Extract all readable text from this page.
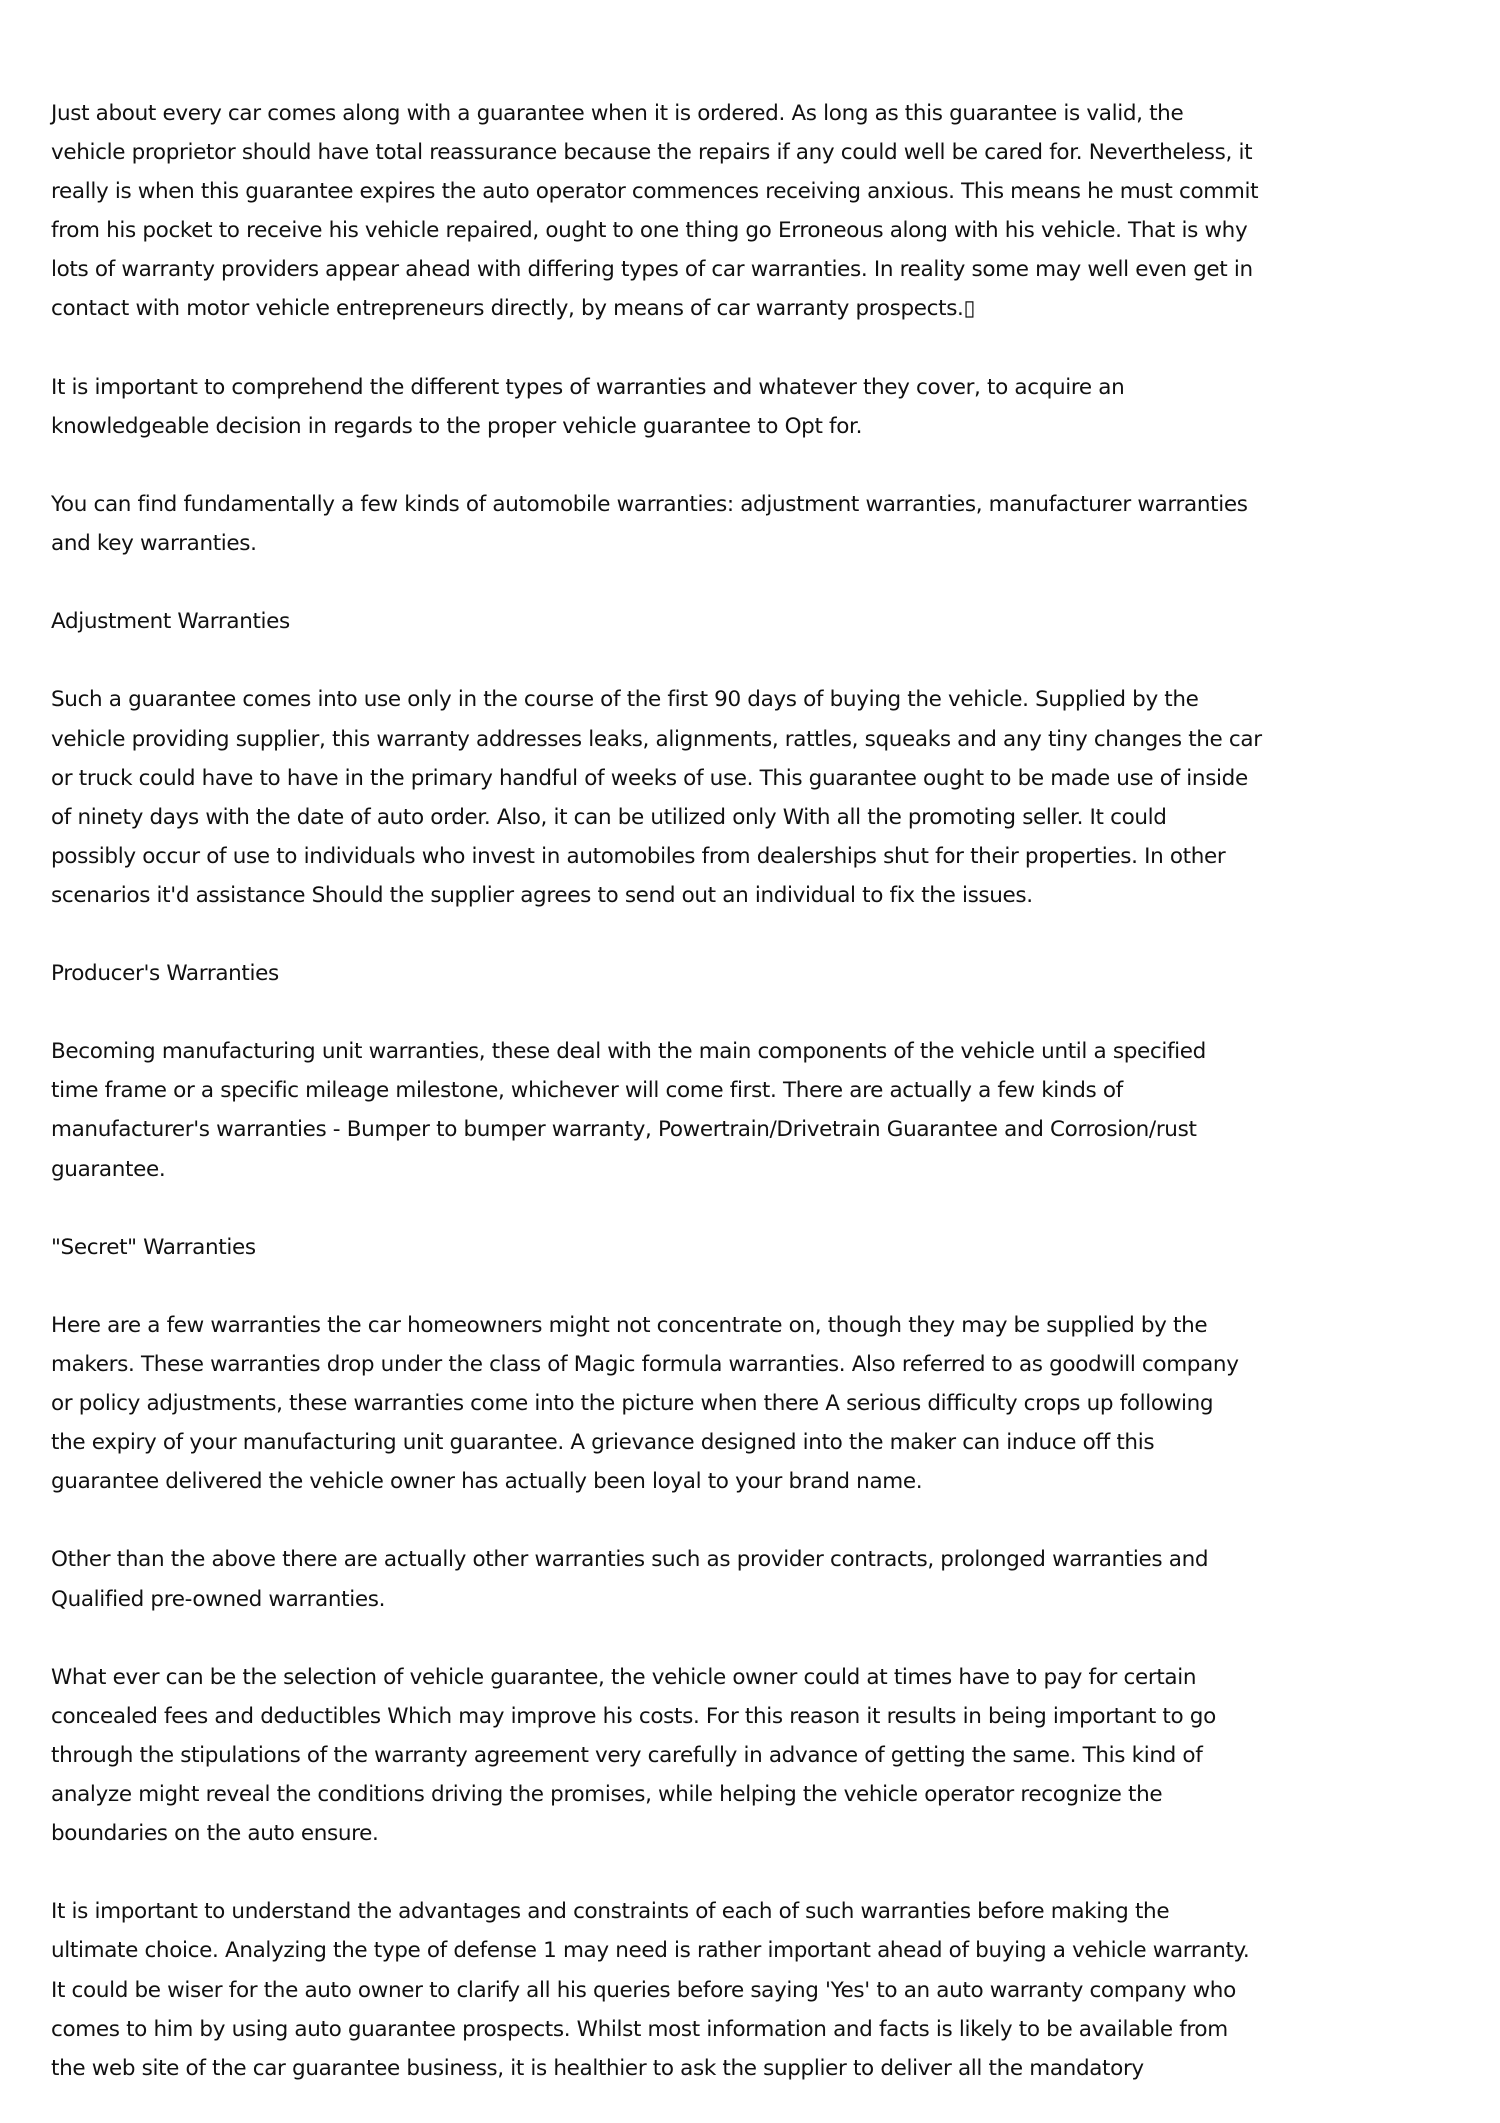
Just about every car comes along with a guarantee when it is ordered. As long as this guarantee is valid, the
vehicle proprietor should have total reassurance because the repairs if any could well be cared for. Nevertheless, it
really is when this guarantee expires the auto operator commences receiving anxious. This means he must commit
from his pocket to receive his vehicle repaired, ought to one thing go Erroneous along with his vehicle. That is why
lots of warranty providers appear ahead with differing types of car warranties. In reality some may well even get in
contact with motor vehicle entrepreneurs directly, by means of car warranty prospects.▯
It is important to comprehend the different types of warranties and whatever they cover, to acquire an
knowledgeable decision in regards to the proper vehicle guarantee to Opt for.
You can find fundamentally a few kinds of automobile warranties: adjustment warranties, manufacturer warranties
and key warranties.
Adjustment Warranties
Such a guarantee comes into use only in the course of the first 90 days of buying the vehicle. Supplied by the
vehicle providing supplier, this warranty addresses leaks, alignments, rattles, squeaks and any tiny changes the car
or truck could have to have in the primary handful of weeks of use. This guarantee ought to be made use of inside
of ninety days with the date of auto order. Also, it can be utilized only With all the promoting seller. It could
possibly occur of use to individuals who invest in automobiles from dealerships shut for their properties. In other
scenarios it'd assistance Should the supplier agrees to send out an individual to fix the issues.
Producer's Warranties
Becoming manufacturing unit warranties, these deal with the main components of the vehicle until a specified
time frame or a specific mileage milestone, whichever will come first. There are actually a few kinds of
manufacturer's warranties - Bumper to bumper warranty, Powertrain/Drivetrain Guarantee and Corrosion/rust
guarantee.
"Secret" Warranties
Here are a few warranties the car homeowners might not concentrate on, though they may be supplied by the
makers. These warranties drop under the class of Magic formula warranties. Also referred to as goodwill company
or policy adjustments, these warranties come into the picture when there A serious difficulty crops up following
the expiry of your manufacturing unit guarantee. A grievance designed into the maker can induce off this
guarantee delivered the vehicle owner has actually been loyal to your brand name.
Other than the above there are actually other warranties such as provider contracts, prolonged warranties and
Qualified pre-owned warranties.
What ever can be the selection of vehicle guarantee, the vehicle owner could at times have to pay for certain
concealed fees and deductibles Which may improve his costs. For this reason it results in being important to go
through the stipulations of the warranty agreement very carefully in advance of getting the same. This kind of
analyze might reveal the conditions driving the promises, while helping the vehicle operator recognize the
boundaries on the auto ensure.
It is important to understand the advantages and constraints of each of such warranties before making the
ultimate choice. Analyzing the type of defense 1 may need is rather important ahead of buying a vehicle warranty.
It could be wiser for the auto owner to clarify all his queries before saying 'Yes' to an auto warranty company who
comes to him by using auto guarantee prospects. Whilst most information and facts is likely to be available from
the web site of the car guarantee business, it is healthier to ask the supplier to deliver all the mandatory
